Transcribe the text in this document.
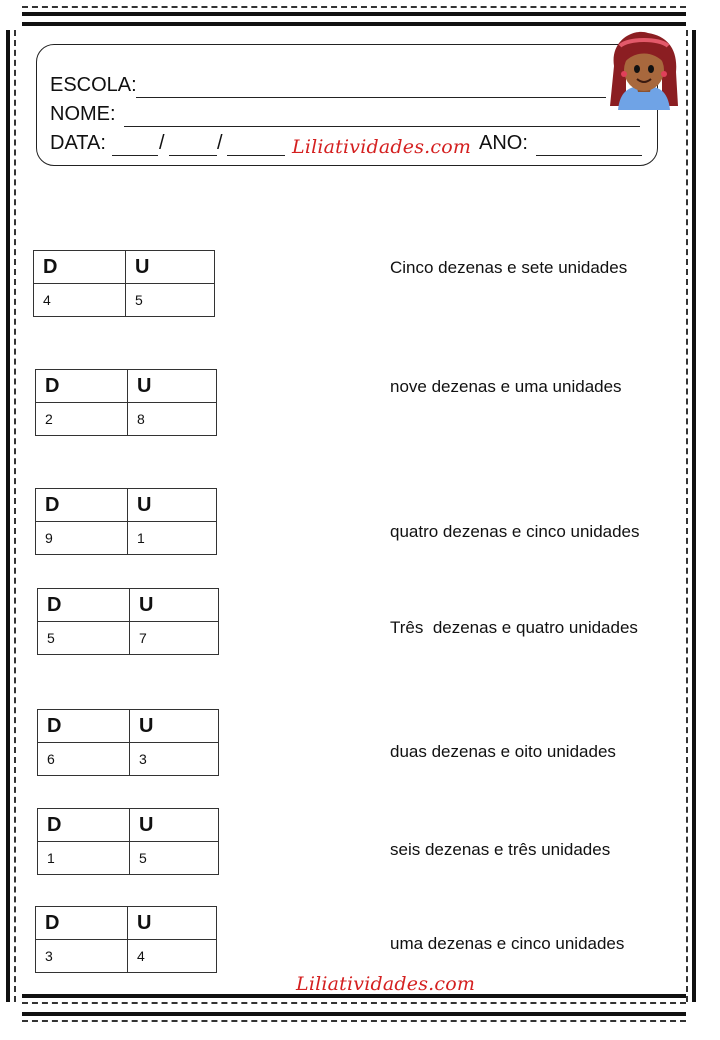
ESCOLA:
NOME:
DATA:	/	/	Liliatividades.com ANO:
D	U
4	5
Cinco dezenas e sete unidades
D	U
2	8
nove dezenas e uma unidades
D	U
9	1	quatro dezenas e cinco unidades
D	U
5	7
Três  dezenas e quatro unidades
D	U
6	3	duas dezenas e oito unidades
D	U
1	5	seis dezenas e três unidades
D	U
3	4
uma dezenas e cinco unidades
Liliatividades.com
